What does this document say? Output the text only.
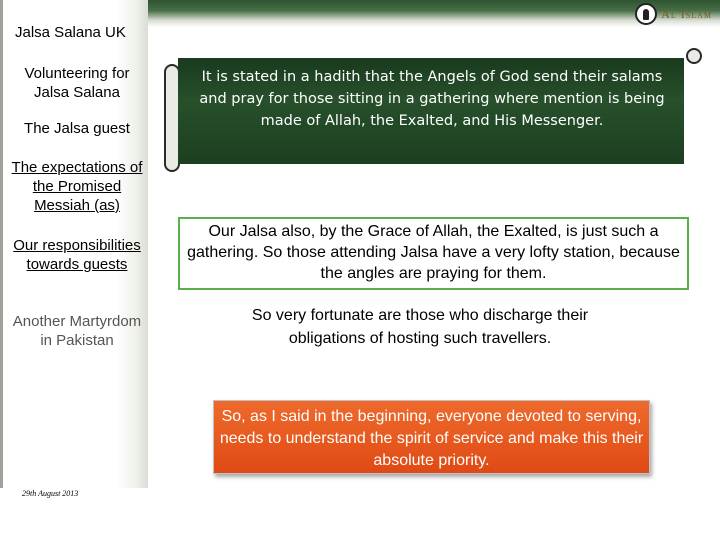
Al Islam
Jalsa Salana UK
Volunteering for Jalsa Salana
The Jalsa guest
The expectations of the Promised Messiah (as)
Our responsibilities towards guests
Another Martyrdom in Pakistan
29th August 2013
It is stated in a hadith that the Angels of God send their salams and pray for those sitting in a gathering where mention is being made of Allah, the Exalted, and His Messenger.
Our Jalsa also, by the Grace of Allah, the Exalted, is just such a gathering. So those attending Jalsa have a very lofty station, because the angles are praying for them.
So very fortunate are those who discharge their obligations of hosting such travellers.
So, as I said in the beginning, everyone devoted to serving, needs to understand the spirit of service and make this their absolute priority.
